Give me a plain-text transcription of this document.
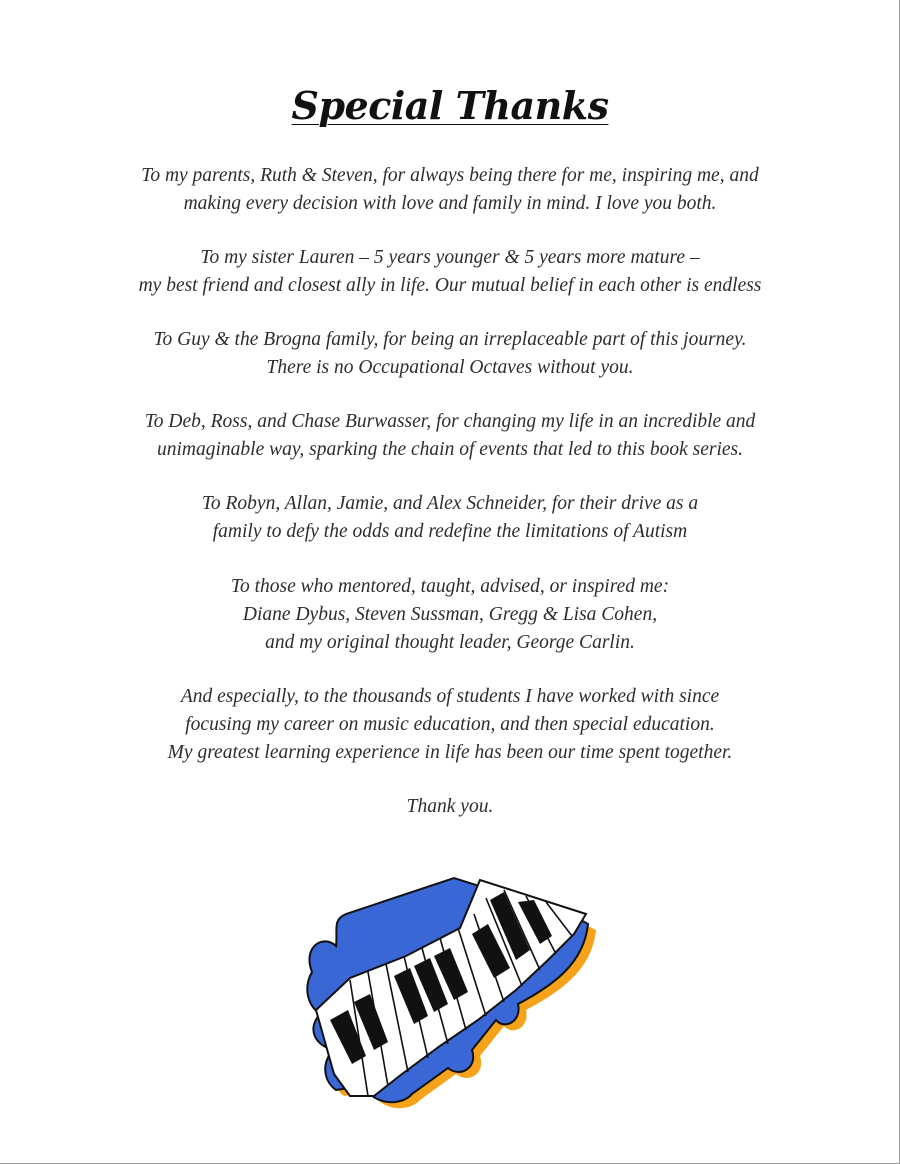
Special Thanks
To my parents, Ruth & Steven, for always being there for me, inspiring me, and
making every decision with love and family in mind. I love you both.
To my sister Lauren – 5 years younger & 5 years more mature –
my best friend and closest ally in life. Our mutual belief in each other is endless
To Guy & the Brogna family, for being an irreplaceable part of this journey.
There is no Occupational Octaves without you.
To Deb, Ross, and Chase Burwasser, for changing my life in an incredible and
unimaginable way, sparking the chain of events that led to this book series.
To Robyn, Allan, Jamie, and Alex Schneider, for their drive as a
family to defy the odds and redefine the limitations of Autism
To those who mentored, taught, advised, or inspired me:
Diane Dybus, Steven Sussman, Gregg & Lisa Cohen,
and my original thought leader, George Carlin.
And especially, to the thousands of students I have worked with since
focusing my career on music education, and then special education.
My greatest learning experience in life has been our time spent together.
Thank you.
